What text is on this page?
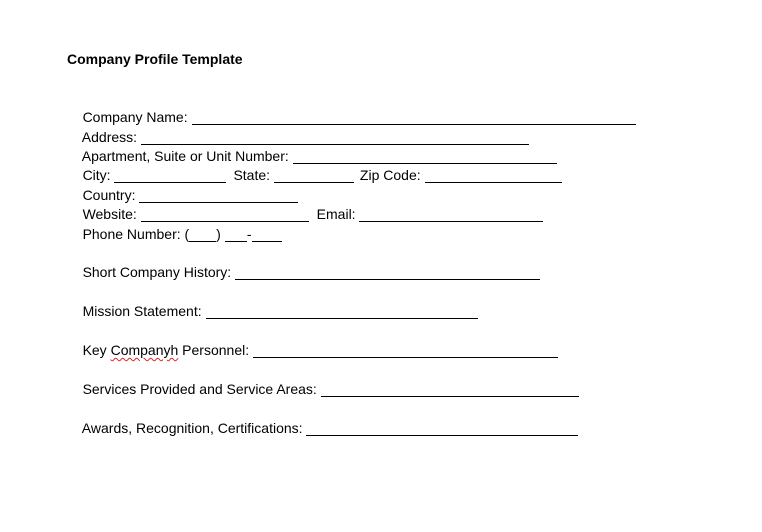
Company Profile Template

Company Name:

Address:

Apartment, Suite or Unit Number:

City:	State:	Zip Code:

Country:

Website:	Email:

Phone Number: ( ) -

Short Company History:

Mission Statement:

Key Companyh Personnel:

Services Provided and Service Areas:

Awards, Recognition, Certifications:
